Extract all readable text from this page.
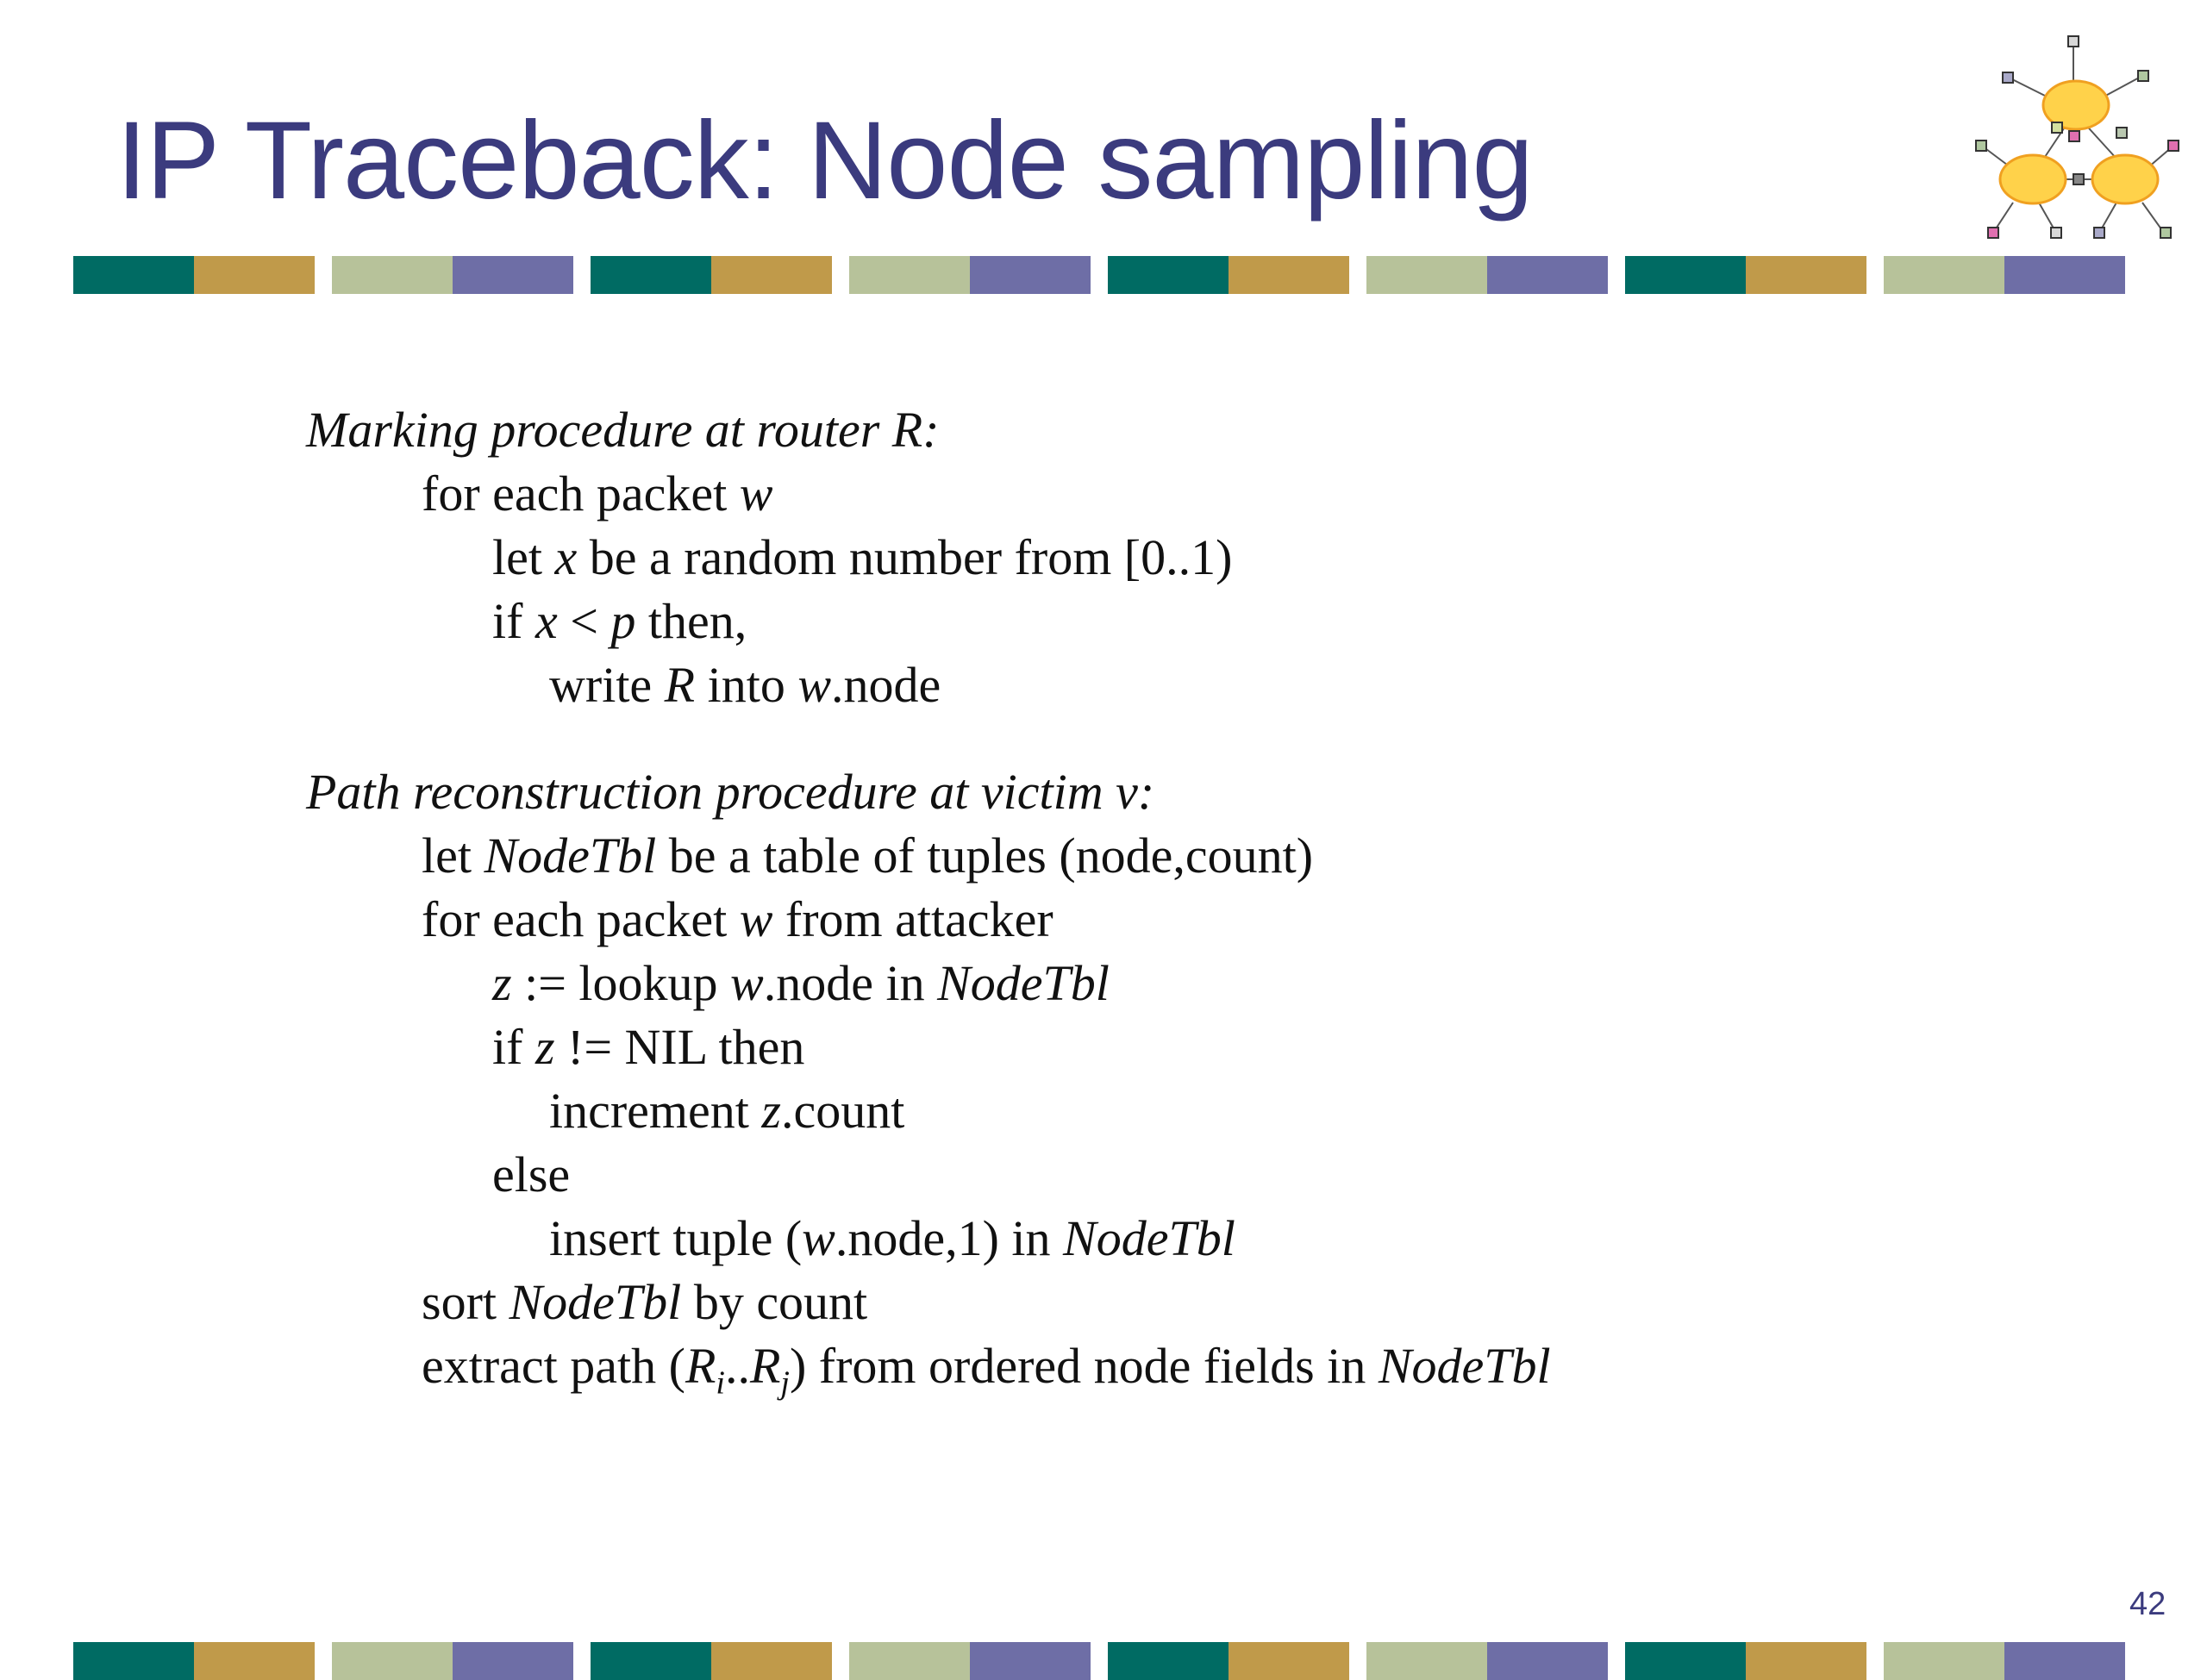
IP Traceback: Node sampling
Marking procedure at router R:
for each packet w
let x be a random number from [0..1)
if x < p then,
write R into w.node
Path reconstruction procedure at victim v:
let NodeTbl be a table of tuples (node,count)
for each packet w from attacker
z := lookup w.node in NodeTbl
if z != NIL then
increment z.count
else
insert tuple (w.node,1) in NodeTbl
sort NodeTbl by count
extract path $(R_i..R_j)$ from ordered node fields in NodeTbl
42
